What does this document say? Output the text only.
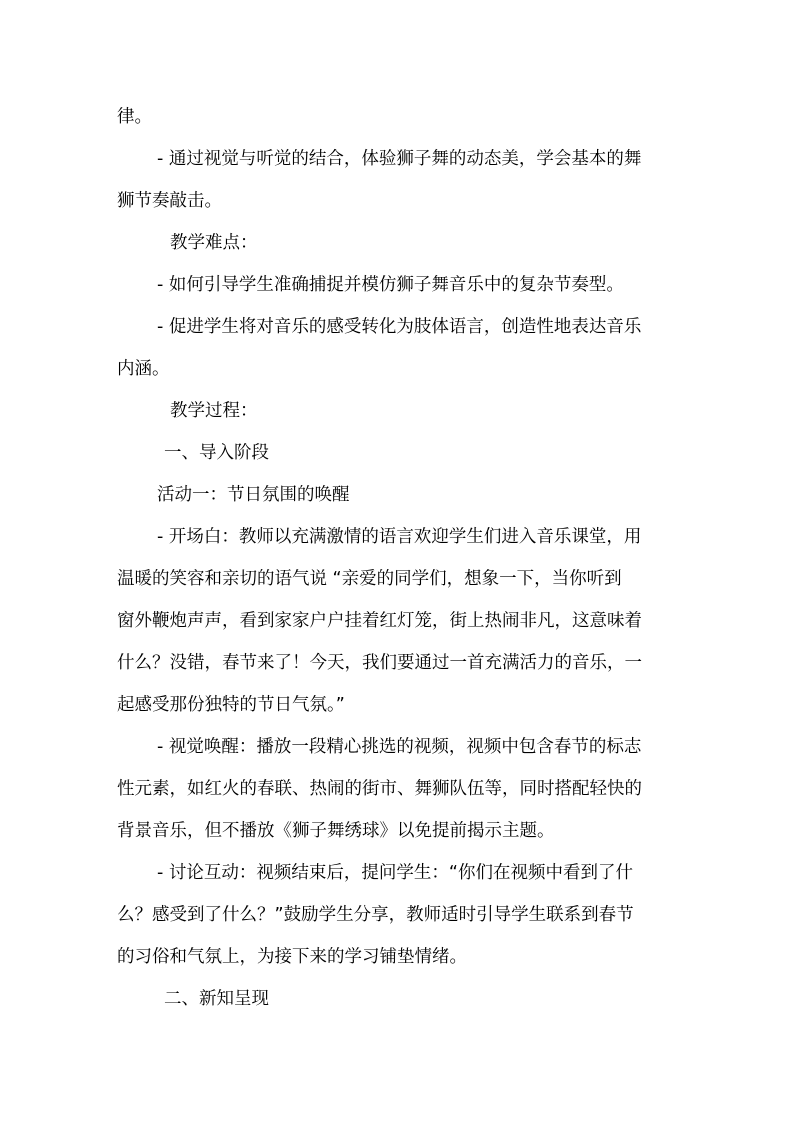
律。
- 通过视觉与听觉的结合，体验狮子舞的动态美，学会基本的舞
狮节奏敲击。
教学难点：
- 如何引导学生准确捕捉并模仿狮子舞音乐中的复杂节奏型。
- 促进学生将对音乐的感受转化为肢体语言，创造性地表达音乐
内涵。
教学过程：
一、导入阶段
活动一：节日氛围的唤醒
- 开场白：教师以充满激情的语言欢迎学生们进入音乐课堂，用
温暖的笑容和亲切的语气说 “亲爱的同学们，想象一下，当你听到
窗外鞭炮声声，看到家家户户挂着红灯笼，街上热闹非凡，这意味着
什么？没错，春节来了！今天，我们要通过一首充满活力的音乐，一
起感受那份独特的节日气氛。”
- 视觉唤醒：播放一段精心挑选的视频，视频中包含春节的标志
性元素，如红火的春联、热闹的街市、舞狮队伍等，同时搭配轻快的
背景音乐，但不播放《狮子舞绣球》以免提前揭示主题。
- 讨论互动：视频结束后，提问学生：“你们在视频中看到了什
么？感受到了什么？”鼓励学生分享，教师适时引导学生联系到春节
的习俗和气氛上，为接下来的学习铺垫情绪。
二、新知呈现
